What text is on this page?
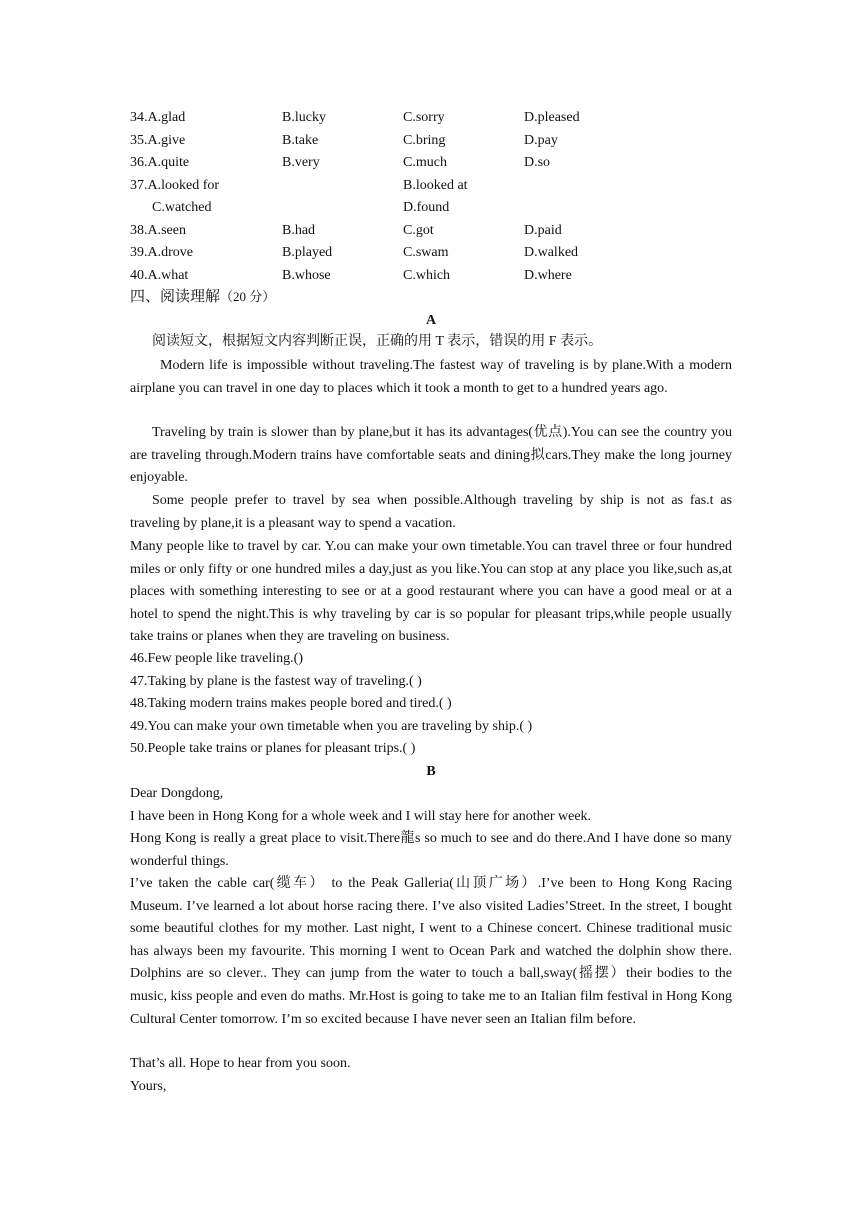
34.A.glad	B.lucky	C.sorry	D.pleased
35.A.give	B.take	C.bring	D.pay
36.A.quite	B.very	C.much	D.so
37.A.looked for	B.looked at
C.watched	D.found
38.A.seen	B.had	C.got	D.paid
39.A.drove	B.played	C.swam	D.walked
40.A.what	B.whose	C.which	D.where
四、阅读理解（20 分）
A
阅读短文，根据短文内容判断正误，正确的用 T 表示，错误的用 F 表示。
Modern life is impossible without traveling.The fastest way of traveling is by plane.With a modern airplane you can travel in one day to places which it took a month to get to a hundred years ago.
Traveling by train is slower than by plane,but it has its advantages(优点).You can see the country you are traveling through.Modern trains have comfortable seats and dining拟cars.They make the long journey enjoyable.
Some people prefer to travel by sea when possible.Although traveling by ship is not as fas.t as traveling by plane,it is a pleasant way to spend a vacation.
Many people like to travel by car. Y.ou can make your own timetable.You can travel three or four hundred miles or only fifty or one hundred miles a day,just as you like.You can stop at any place you like,such as,at places with something interesting to see or at a good restaurant where you can have a good meal or at a hotel to spend the night.This is why traveling by car is so popular for pleasant trips,while people usually take trains or planes when they are traveling on business.
46.Few people like traveling.()
47.Taking by plane is the fastest way of traveling.( )
48.Taking modern trains makes people bored and tired.( )
49.You can make your own timetable when you are traveling by ship.( )
50.People take trains or planes for pleasant trips.( )
B
Dear Dongdong,
I have been in Hong Kong for a whole week and I will stay here for another week.
Hong Kong is really a great place to visit.There龍s so much to see and do there.And I have done so many wonderful things.
I’ve taken the cable car(缆车） to the Peak Galleria(山顶广场）.I’ve been to Hong Kong Racing Museum. I’ve learned a lot about horse racing there. I’ve also visited Ladies’Street. In the street, I bought some beautiful clothes for my mother. Last night, I went to a Chinese concert. Chinese traditional music has always been my favourite. This morning I went to Ocean Park and watched the dolphin show there. Dolphins are so clever.. They can jump from the water to touch a ball,sway(摇摆）their bodies to the music, kiss people and even do maths. Mr.Host is going to take me to an Italian film festival in Hong Kong Cultural Center tomorrow. I’m so excited because I have never seen an Italian film before.
That’s all. Hope to hear from you soon.
Yours,
